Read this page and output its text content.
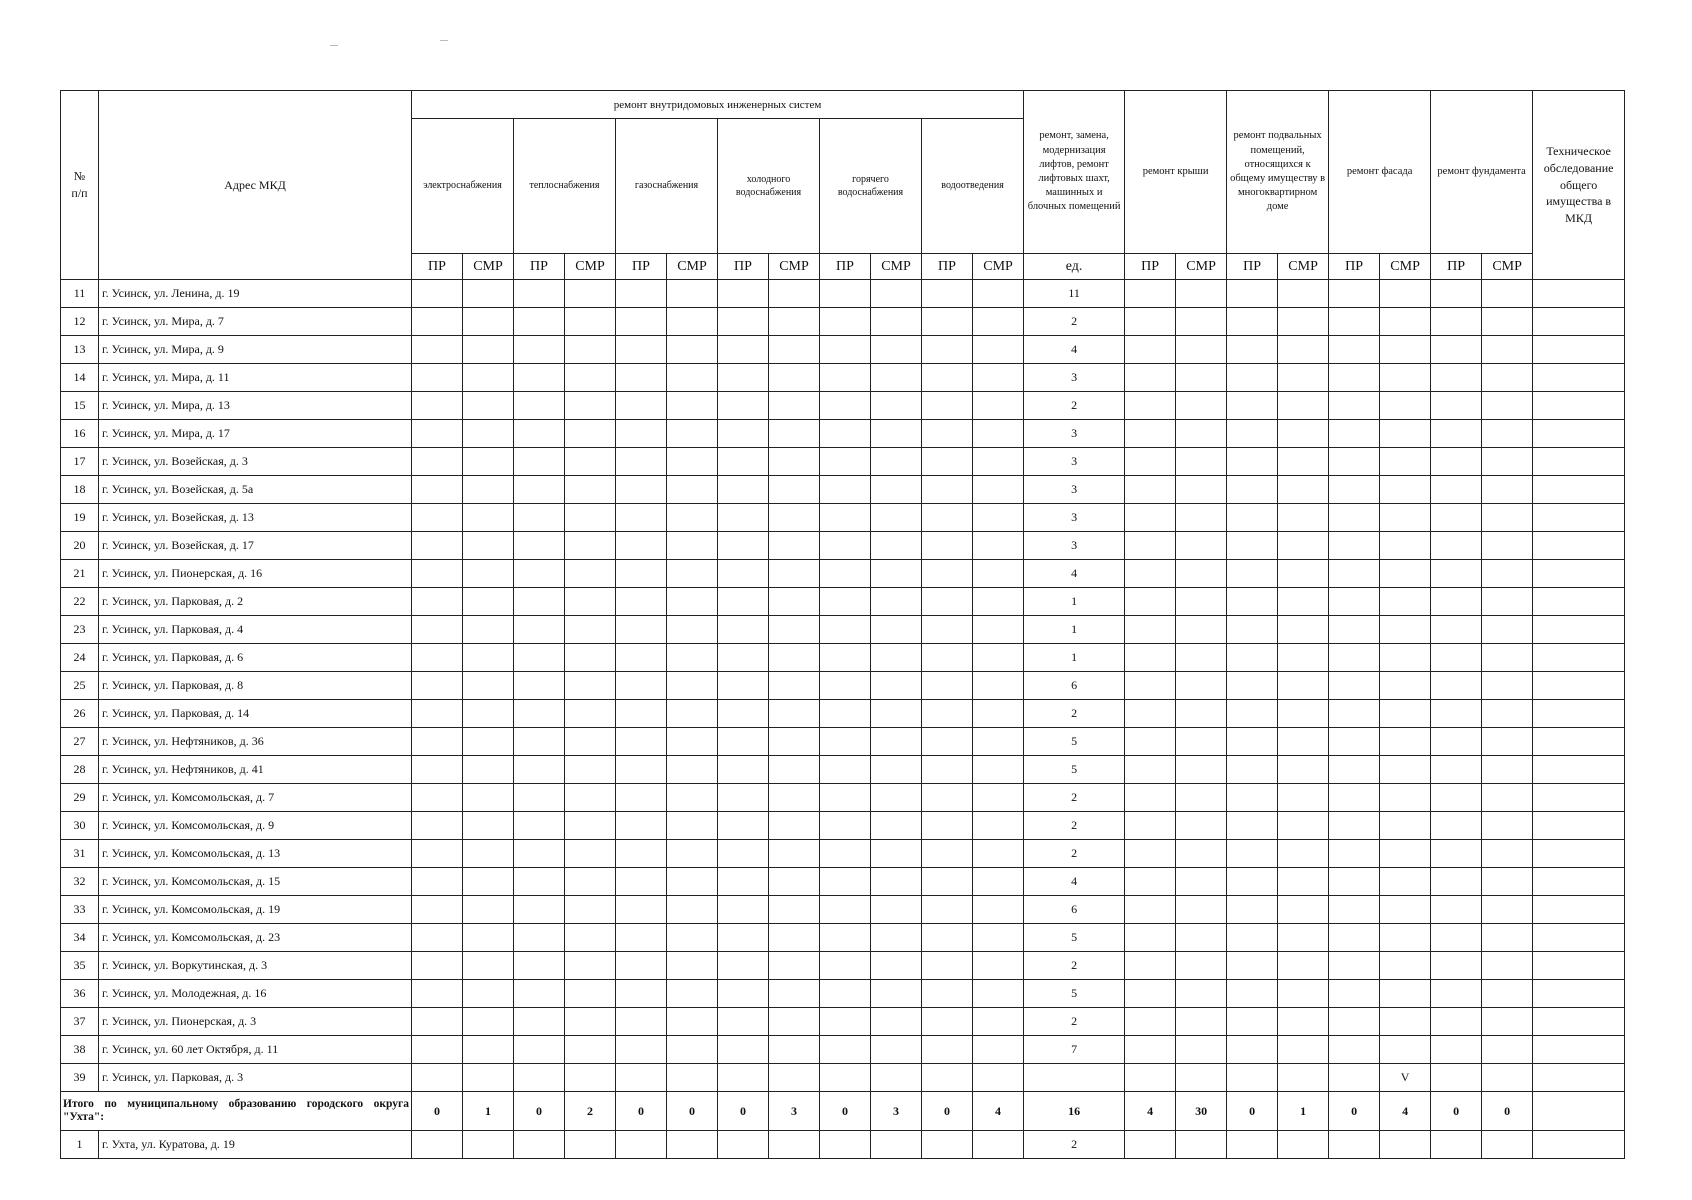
№
п/п	Адрес МКД	ремонт внутридомовых инженерных систем												ремонт, замена, модернизация лифтов, ремонт лифтовых шахт, машинных и блочных помещений	ремонт крыши		ремонт подвальных помещений, относящихся к общему имуществу в многоквартирном доме		ремонт фасада		ремонт фундамента		Техническое обследование общего имущества в МКД
		электроснабжения		теплоснабжения		газоснабжения		холодного водоснабжения		горячего водоснабжения		водоотведения											
		ПР	СМР	ПР	СМР	ПР	СМР	ПР	СМР	ПР	СМР	ПР	СМР	ед.	ПР	СМР	ПР	СМР	ПР	СМР	ПР	СМР	
11	г. Усинск, ул. Ленина, д. 19													11									
12	г. Усинск, ул. Мира, д. 7													2									
13	г. Усинск, ул. Мира, д. 9													4									
14	г. Усинск, ул. Мира, д. 11													3									
15	г. Усинск, ул. Мира, д. 13													2									
16	г. Усинск, ул. Мира, д. 17													3									
17	г. Усинск, ул. Возейская, д. 3													3									
18	г. Усинск, ул. Возейская, д. 5а													3									
19	г. Усинск, ул. Возейская, д. 13													3									
20	г. Усинск, ул. Возейская, д. 17													3									
21	г. Усинск, ул. Пионерская, д. 16													4									
22	г. Усинск, ул. Парковая, д. 2													1									
23	г. Усинск, ул. Парковая, д. 4													1									
24	г. Усинск, ул. Парковая, д. 6													1									
25	г. Усинск, ул. Парковая, д. 8													6									
26	г. Усинск, ул. Парковая, д. 14													2									
27	г. Усинск, ул. Нефтяников, д. 36													5									
28	г. Усинск, ул. Нефтяников, д. 41													5									
29	г. Усинск, ул. Комсомольская, д. 7													2									
30	г. Усинск, ул. Комсомольская, д. 9													2									
31	г. Усинск, ул. Комсомольская, д. 13													2									
32	г. Усинск, ул. Комсомольская, д. 15													4									
33	г. Усинск, ул. Комсомольская, д. 19													6									
34	г. Усинск, ул. Комсомольская, д. 23													5									
35	г. Усинск, ул. Воркутинская, д. 3													2									
36	г. Усинск, ул. Молодежная, д. 16													5									
37	г. Усинск, ул. Пионерская, д. 3													2									
38	г. Усинск, ул. 60 лет Октября, д. 11													7									
39	г. Усинск, ул. Парковая, д. 3																			V			
Итого по муниципальному образованию городского округа "Ухта":		0	1	0	2	0	0	0	3	0	3	0	4	16	4	30	0	1	0	4	0	0	
1	г. Ухта, ул. Куратова, д. 19													2									
